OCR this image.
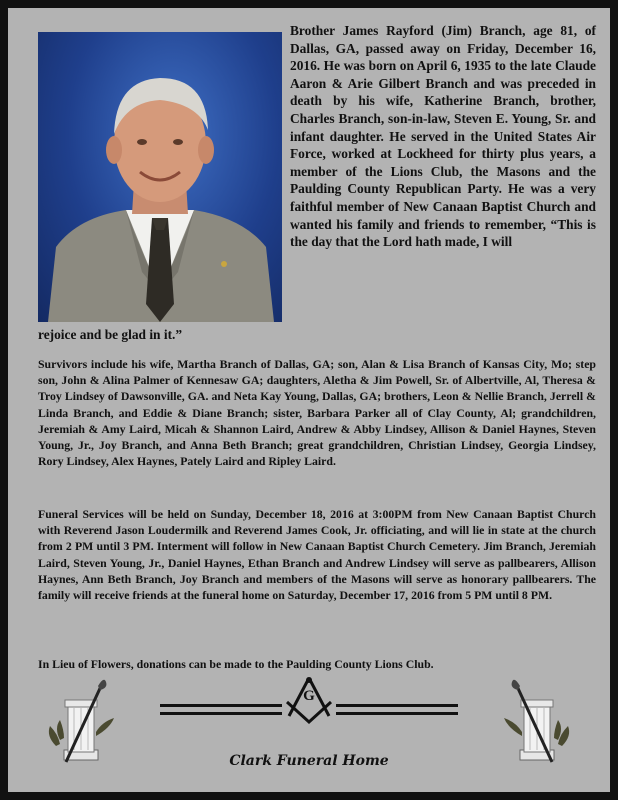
Brother James Rayford (Jim) Branch, age 81, of Dallas, GA, passed away on Friday, December 16, 2016. He was born on April 6, 1935 to the late Claude Aaron & Arie Gilbert Branch and was preceded in death by his wife, Katherine Branch, brother, Charles Branch, son-in-law, Steven E. Young, Sr. and infant daughter. He served in the United States Air Force, worked at Lockheed for thirty plus years, a member of the Lions Club, the Masons and the Paulding County Republican Party. He was a very faithful member of New Canaan Baptist Church and wanted his family and friends to remember, “This is the day that the Lord hath made, I will
rejoice and be glad in it.”
Survivors include his wife, Martha Branch of Dallas, GA; son, Alan & Lisa Branch of Kansas City, Mo; step son, John & Alina Palmer of Kennesaw GA; daughters, Aletha & Jim Powell, Sr. of Albertville, Al, Theresa & Troy Lindsey of Dawsonville, GA. and Neta Kay Young, Dallas, GA; brothers, Leon & Nellie Branch, Jerrell & Linda Branch, and Eddie & Diane Branch; sister, Barbara Parker all of Clay County, Al; grandchildren, Jeremiah & Amy Laird, Micah & Shannon Laird, Andrew & Abby Lindsey, Allison & Daniel Haynes, Steven Young, Jr., Joy Branch, and Anna Beth Branch; great grandchildren, Christian Lindsey, Georgia Lindsey, Rory Lindsey, Alex Haynes, Pately Laird and Ripley Laird.
Funeral Services will be held on Sunday, December 18, 2016 at 3:00PM from New Canaan Baptist Church with Reverend Jason Loudermilk and Reverend James Cook, Jr. officiating, and will lie in state at the church from 2 PM until 3 PM. Interment will follow in New Canaan Baptist Church Cemetery. Jim Branch, Jeremiah Laird, Steven Young, Jr., Daniel Haynes, Ethan Branch and Andrew Lindsey will serve as pallbearers, Allison Haynes, Ann Beth Branch, Joy Branch and members of the Masons will serve as honorary pallbearers. The family will receive friends at the funeral home on Saturday, December 17, 2016 from 5 PM until 8 PM.
In Lieu of Flowers, donations can be made to the Paulding County Lions Club.
G
Clark Funeral Home
